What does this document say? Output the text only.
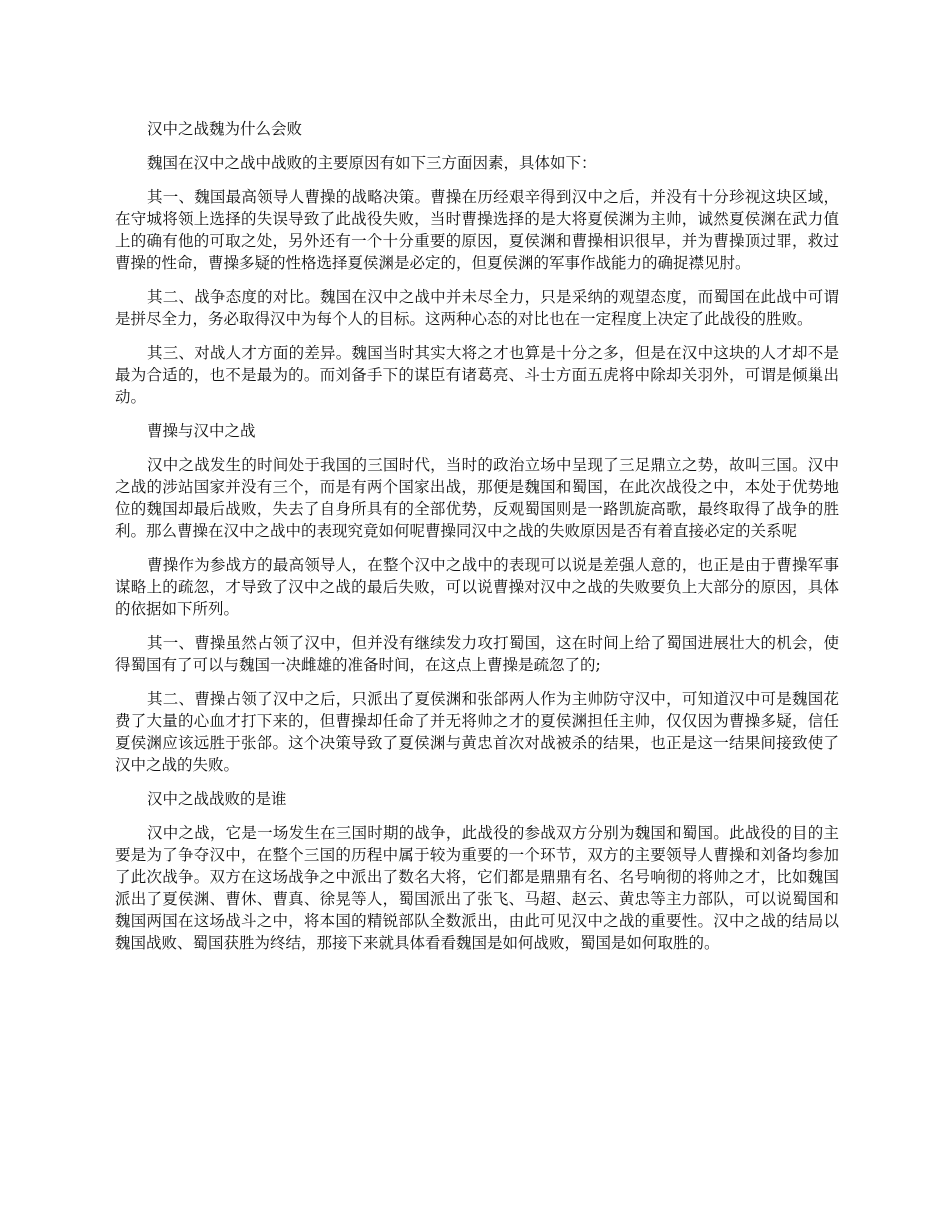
汉中之战魏为什么会败

魏国在汉中之战中战败的主要原因有如下三方面因素，具体如下：

其一、魏国最高领导人曹操的战略决策。曹操在历经艰辛得到汉中之后，并没有十分珍视这块区域，在守城将领上选择的失误导致了此战役失败，当时曹操选择的是大将夏侯渊为主帅，诚然夏侯渊在武力值上的确有他的可取之处，另外还有一个十分重要的原因，夏侯渊和曹操相识很早，并为曹操顶过罪，救过曹操的性命，曹操多疑的性格选择夏侯渊是必定的，但夏侯渊的军事作战能力的确捉襟见肘。

其二、战争态度的对比。魏国在汉中之战中并未尽全力，只是采纳的观望态度，而蜀国在此战中可谓是拼尽全力，务必取得汉中为每个人的目标。这两种心态的对比也在一定程度上决定了此战役的胜败。

其三、对战人才方面的差异。魏国当时其实大将之才也算是十分之多，但是在汉中这块的人才却不是最为合适的，也不是最为的。而刘备手下的谋臣有诸葛亮、斗士方面五虎将中除却关羽外，可谓是倾巢出动。

曹操与汉中之战

汉中之战发生的时间处于我国的三国时代，当时的政治立场中呈现了三足鼎立之势，故叫三国。汉中之战的涉站国家并没有三个，而是有两个国家出战，那便是魏国和蜀国，在此次战役之中，本处于优势地位的魏国却最后战败，失去了自身所具有的全部优势，反观蜀国则是一路凯旋高歌，最终取得了战争的胜利。那么曹操在汉中之战中的表现究竟如何呢曹操同汉中之战的失败原因是否有着直接必定的关系呢

曹操作为参战方的最高领导人，在整个汉中之战中的表现可以说是差强人意的，也正是由于曹操军事谋略上的疏忽，才导致了汉中之战的最后失败，可以说曹操对汉中之战的失败要负上大部分的原因，具体的依据如下所列。

其一、曹操虽然占领了汉中，但并没有继续发力攻打蜀国，这在时间上给了蜀国进展壮大的机会，使得蜀国有了可以与魏国一决雌雄的准备时间，在这点上曹操是疏忽了的;

其二、曹操占领了汉中之后，只派出了夏侯渊和张郃两人作为主帅防守汉中，可知道汉中可是魏国花费了大量的心血才打下来的，但曹操却任命了并无将帅之才的夏侯渊担任主帅，仅仅因为曹操多疑，信任夏侯渊应该远胜于张郃。这个决策导致了夏侯渊与黄忠首次对战被杀的结果，也正是这一结果间接致使了汉中之战的失败。

汉中之战战败的是谁

汉中之战，它是一场发生在三国时期的战争，此战役的参战双方分别为魏国和蜀国。此战役的目的主要是为了争夺汉中，在整个三国的历程中属于较为重要的一个环节，双方的主要领导人曹操和刘备均参加了此次战争。双方在这场战争之中派出了数名大将，它们都是鼎鼎有名、名号响彻的将帅之才，比如魏国派出了夏侯渊、曹休、曹真、徐晃等人，蜀国派出了张飞、马超、赵云、黄忠等主力部队，可以说蜀国和魏国两国在这场战斗之中，将本国的精锐部队全数派出，由此可见汉中之战的重要性。汉中之战的结局以魏国战败、蜀国获胜为终结，那接下来就具体看看魏国是如何战败，蜀国是如何取胜的。
